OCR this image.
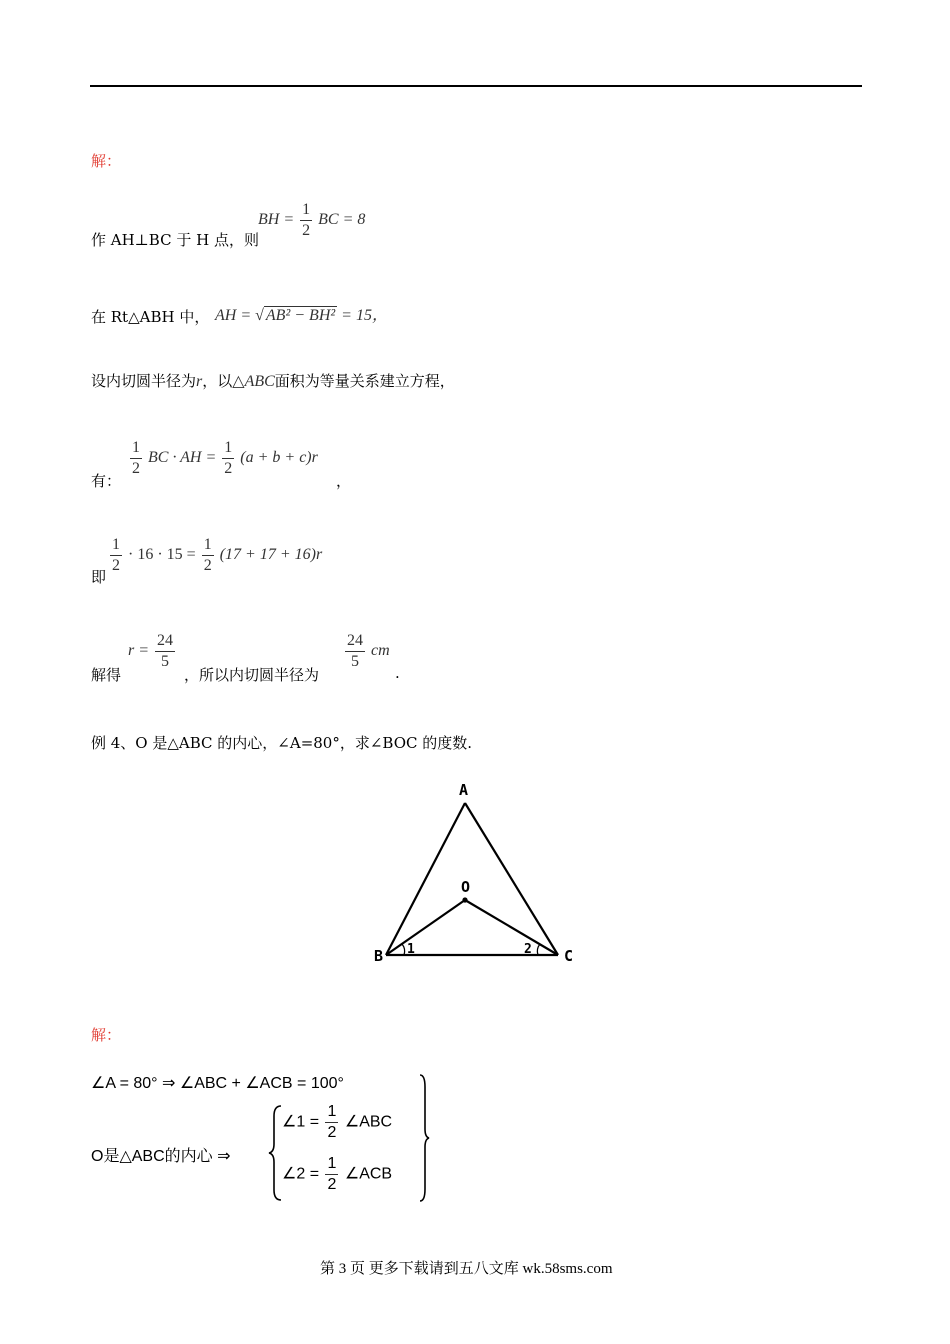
解：
作 AH⊥BC 于 H 点，则
BH = $\frac{1}{2}$ BC = 8
在 Rt△ABH 中， AH = √ AB² − BH² = 15，
设内切圆半径为r，以△ABC面积为等量关系建立方程，
有：
$\frac{1}{2}$ BC · AH = $\frac{1}{2} (a + b + c)r$
，
即
$\frac{1}{2} \cdot 16 \cdot 15 = \frac{1}{2} (17 + 17 + 16)r$
解得
$r = \frac{24}{5}$
，所以内切圆半径为
$\frac{24}{5}$ cm
.
例 4、O 是△ABC 的内心，∠A=80°，求∠BOC 的度数.
A
O
B	C
1	2
解：
∠A = 80° ⇒ ∠ABC + ∠ACB = 100°
O是△ABC的内心 ⇒
∠1 = $\frac{1}{2}$ ∠ABC
∠2 = $\frac{1}{2}$ ∠ACB
第 3 页 更多下载请到五八文库 wk.58sms.com
